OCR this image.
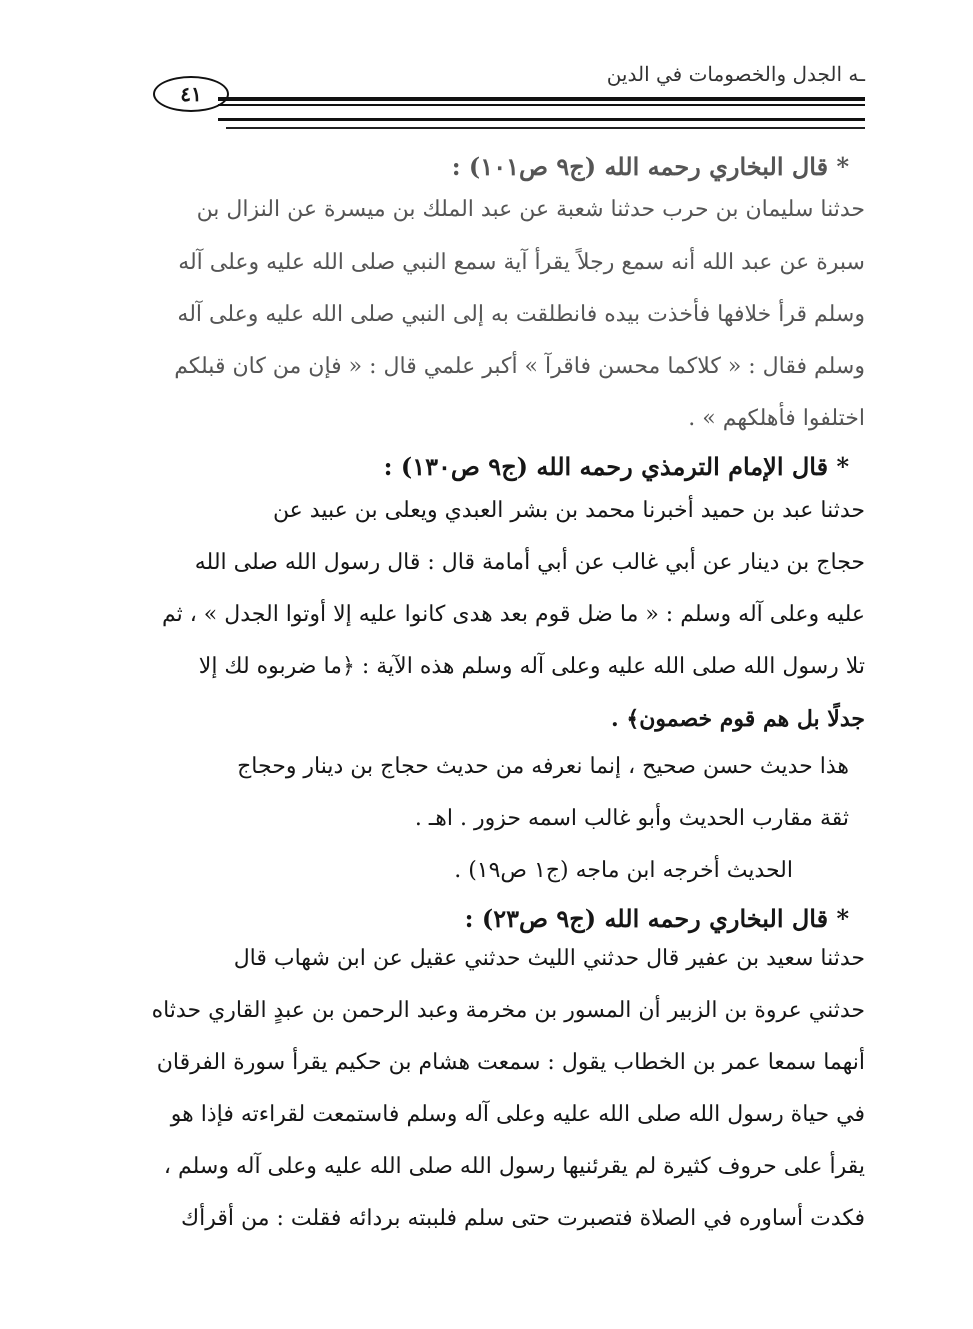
ـه الجدل والخصومات في الدين
٤١
* قال البخاري رحمه الله (ج٩ ص١٠١) :
حدثنا سليمان بن حرب حدثنا شعبة عن عبد الملك بن ميسرة عن النزال بن
سبرة عن عبد الله أنه سمع رجلاً يقرأ آية سمع النبي صلى الله عليه وعلى آله
وسلم قرأ خلافها فأخذت بيده فانطلقت به إلى النبي صلى الله عليه وعلى آله
وسلم فقال : « كلاكما محسن فاقرآ » أكبر علمي قال : « فإن من كان قبلكم
اختلفوا فأهلكهم » .
* قال الإمام الترمذي رحمه الله (ج٩ ص١٣٠) :
حدثنا عبد بن حميد أخبرنا محمد بن بشر العبدي ويعلى بن عبيد عن
حجاج بن دينار عن أبي غالب عن أبي أمامة قال : قال رسول الله صلى الله
عليه وعلى آله وسلم : « ما ضل قوم بعد هدى كانوا عليه إلا أوتوا الجدل » ، ثم
تلا رسول الله صلى الله عليه وعلى آله وسلم هذه الآية : ﴿ما ضربوه لك إلا
جدلًا بل هم قوم خصمون﴾ .
هذا حديث حسن صحيح ، إنما نعرفه من حديث حجاج بن دينار وحجاج
ثقة مقارب الحديث وأبو غالب اسمه حزور . اهـ .
الحديث أخرجه ابن ماجه (ج١ ص١٩) .
* قال البخاري رحمه الله (ج٩ ص٢٣) :
حدثنا سعيد بن عفير قال حدثني الليث حدثني عقيل عن ابن شهاب قال
حدثني عروة بن الزبير أن المسور بن مخرمة وعبد الرحمن بن عبدٍ القاري حدثاه
أنهما سمعا عمر بن الخطاب يقول : سمعت هشام بن حكيم يقرأ سورة الفرقان
في حياة رسول الله صلى الله عليه وعلى آله وسلم فاستمعت لقراءته فإذا هو
يقرأ على حروف كثيرة لم يقرئنيها رسول الله صلى الله عليه وعلى آله وسلم ،
فكدت أساوره في الصلاة فتصبرت حتى سلم فلببته بردائه فقلت : من أقرأك
